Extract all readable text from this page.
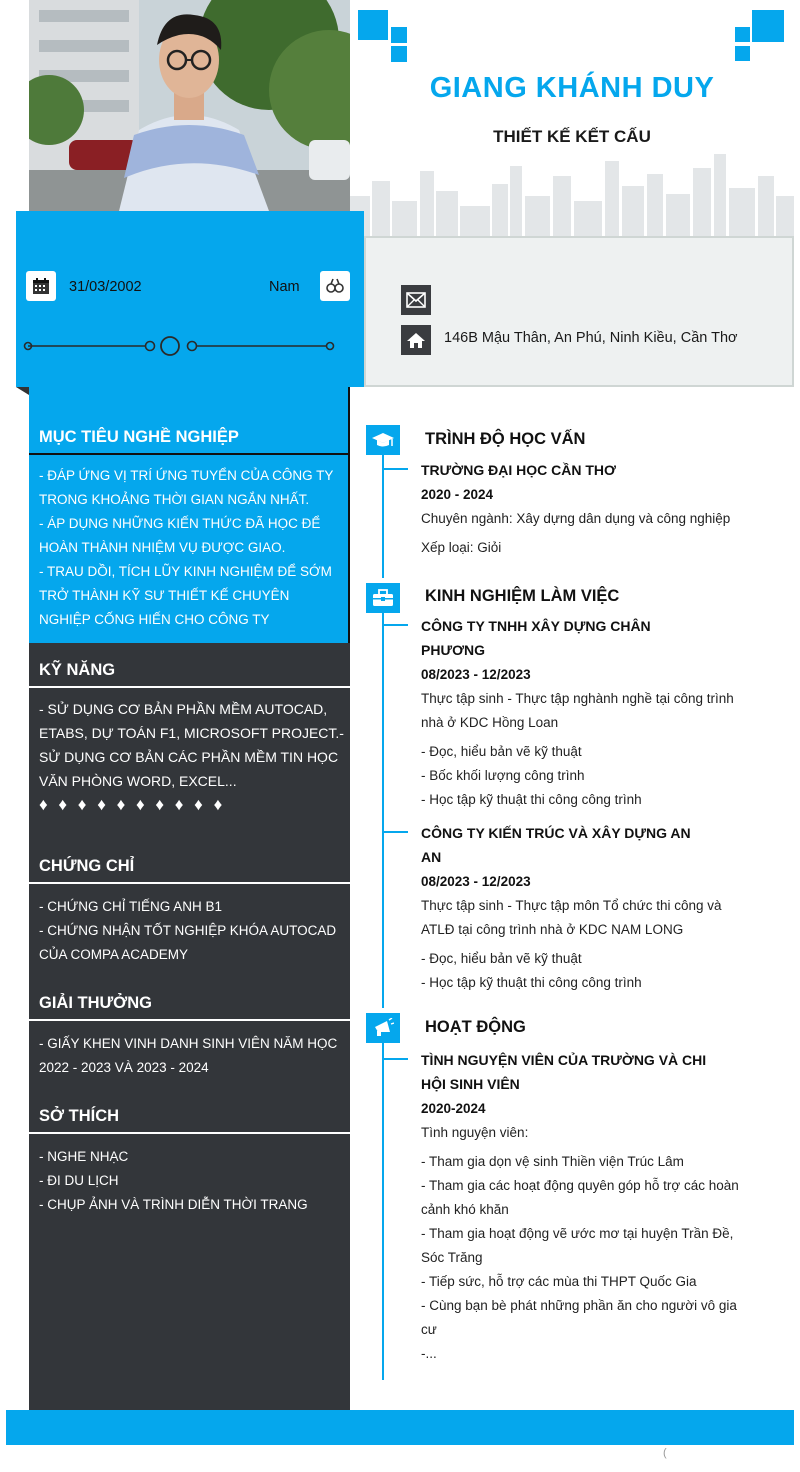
GIANG KHÁNH DUY
THIẾT KẾ KẾT CẤU
31/03/2002	Nam
146B Mậu Thân, An Phú, Ninh Kiều, Cần Thơ
MỤC TIÊU NGHỀ NGHIỆP
- ĐÁP ỨNG VỊ TRÍ ỨNG TUYỂN CỦA CÔNG TY TRONG KHOẢNG THỜI GIAN NGẮN NHẤT.
- ÁP DỤNG NHỮNG KIẾN THỨC ĐÃ HỌC ĐỂ HOÀN THÀNH NHIỆM VỤ ĐƯỢC GIAO.
- TRAU DỒI, TÍCH LŨY KINH NGHIỆM ĐỂ SỚM TRỞ THÀNH KỸ SƯ THIẾT KẾ CHUYÊN NGHIỆP CỐNG HIẾN CHO CÔNG TY
KỸ NĂNG
- SỬ DỤNG CƠ BẢN PHẦN MỀM AUTOCAD, ETABS, DỰ TOÁN F1, MICROSOFT PROJECT.- SỬ DỤNG CƠ BẢN CÁC PHẦN MỀM TIN HỌC VĂN PHÒNG WORD, EXCEL...
♦ ♦ ♦ ♦ ♦ ♦ ♦ ♦ ♦ ♦
CHỨNG CHỈ
- CHỨNG CHỈ TIẾNG ANH B1
- CHỨNG NHẬN TỐT NGHIỆP KHÓA AUTOCAD CỦA COMPA ACADEMY
GIẢI THƯỞNG
- GIẤY KHEN VINH DANH SINH VIÊN NĂM HỌC 2022 - 2023 VÀ 2023 - 2024
SỞ THÍCH
- NGHE NHẠC
- ĐI DU LỊCH
- CHỤP ẢNH VÀ TRÌNH DIỄN THỜI TRANG
TRÌNH ĐỘ HỌC VẤN
TRƯỜNG ĐẠI HỌC CẦN THƠ
2020 - 2024
Chuyên ngành: Xây dựng dân dụng và công nghiệp
Xếp loại: Giỏi
KINH NGHIỆM LÀM VIỆC
CÔNG TY TNHH XÂY DỰNG CHÂN PHƯƠNG
08/2023 - 12/2023
Thực tập sinh - Thực tập nghành nghề tại công trình nhà ở KDC Hồng Loan
- Đọc, hiểu bản vẽ kỹ thuật
- Bốc khối lượng công trình
- Học tập kỹ thuật thi công công trình
CÔNG TY KIẾN TRÚC VÀ XÂY DỰNG AN AN
08/2023 - 12/2023
Thực tập sinh - Thực tập môn Tổ chức thi công và ATLĐ tại công trình nhà ở KDC NAM LONG
- Đọc, hiểu bản vẽ kỹ thuật
- Học tập kỹ thuật thi công công trình
HOẠT ĐỘNG
TÌNH NGUYỆN VIÊN CỦA TRƯỜNG VÀ CHI HỘI SINH VIÊN
2020-2024
Tình nguyện viên:
- Tham gia dọn vệ sinh Thiền viện Trúc Lâm
- Tham gia các hoạt động quyên góp hỗ trợ các hoàn cảnh khó khăn
- Tham gia hoạt động vẽ ước mơ tại huyện Trần Đề, Sóc Trăng
- Tiếp sức, hỗ trợ các mùa thi THPT Quốc Gia
- Cùng bạn bè phát những phần ăn cho người vô gia cư
-...
(
